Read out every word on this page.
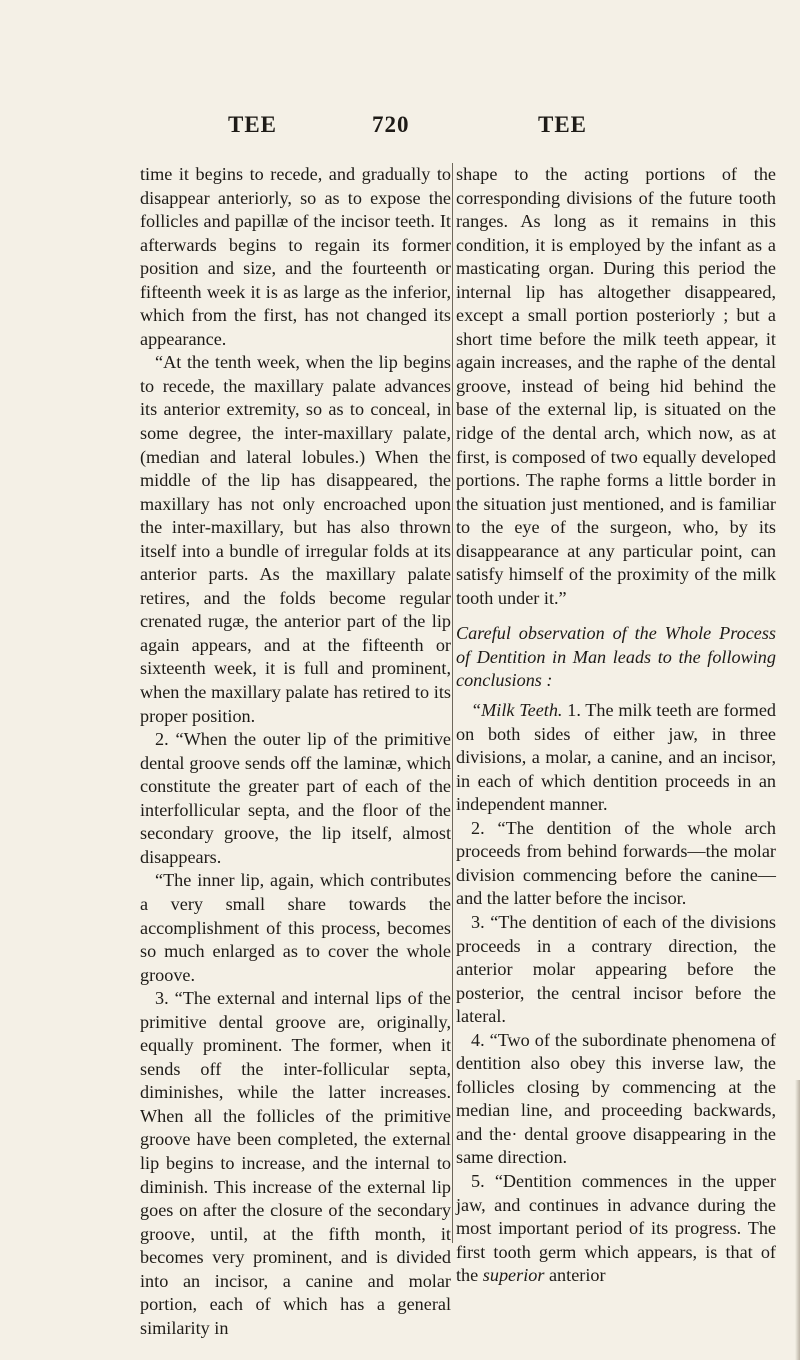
TEE	720	TEE

time it begins to recede, and gradually to disappear anteriorly, so as to expose the follicles and papillæ of the incisor teeth. It afterwards begins to regain its former position and size, and the fourteenth or fifteenth week it is as large as the inferior, which from the first, has not changed its appearance.

“At the tenth week, when the lip begins to recede, the maxillary palate advances its anterior extremity, so as to conceal, in some degree, the inter-maxillary palate, (median and lateral lobules.) When the middle of the lip has disappeared, the maxillary has not only encroached upon the inter-maxillary, but has also thrown itself into a bundle of irregular folds at its anterior parts. As the maxillary palate retires, and the folds become regular crenated rugæ, the anterior part of the lip again appears, and at the fifteenth or sixteenth week, it is full and prominent, when the maxillary palate has retired to its proper position.

2. “When the outer lip of the primitive dental groove sends off the laminæ, which constitute the greater part of each of the interfollicular septa, and the floor of the secondary groove, the lip itself, almost disappears.

“The inner lip, again, which contributes a very small share towards the accomplishment of this process, becomes so much enlarged as to cover the whole groove.

3. “The external and internal lips of the primitive dental groove are, originally, equally prominent. The former, when it sends off the inter-follicular septa, diminishes, while the latter increases. When all the follicles of the primitive groove have been completed, the external lip begins to increase, and the internal to diminish. This increase of the external lip goes on after the closure of the secondary groove, until, at the fifth month, it becomes very prominent, and is divided into an incisor, a canine and molar portion, each of which has a general similarity in

shape to the acting portions of the corresponding divisions of the future tooth ranges. As long as it remains in this condition, it is employed by the infant as a masticating organ. During this period the internal lip has altogether disappeared, except a small portion posteriorly ; but a short time before the milk teeth appear, it again increases, and the raphe of the dental groove, instead of being hid behind the base of the external lip, is situated on the ridge of the dental arch, which now, as at first, is composed of two equally developed portions. The raphe forms a little border in the situation just mentioned, and is familiar to the eye of the surgeon, who, by its disappearance at any particular point, can satisfy himself of the proximity of the milk tooth under it.”

Careful observation of the Whole Process of Dentition in Man leads to the following conclusions :

“Milk Teeth. 1. The milk teeth are formed on both sides of either jaw, in three divisions, a molar, a canine, and an incisor, in each of which dentition proceeds in an independent manner.

2. “The dentition of the whole arch proceeds from behind forwards—the molar division commencing before the canine—and the latter before the incisor.

3. “The dentition of each of the divisions proceeds in a contrary direction, the anterior molar appearing before the posterior, the central incisor before the lateral.

4. “Two of the subordinate phenomena of dentition also obey this inverse law, the follicles closing by commencing at the median line, and proceeding backwards, and the· dental groove disappearing in the same direction.

5. “Dentition commences in the upper jaw, and continues in advance during the most important period of its progress. The first tooth germ which appears, is that of the superior anterior
